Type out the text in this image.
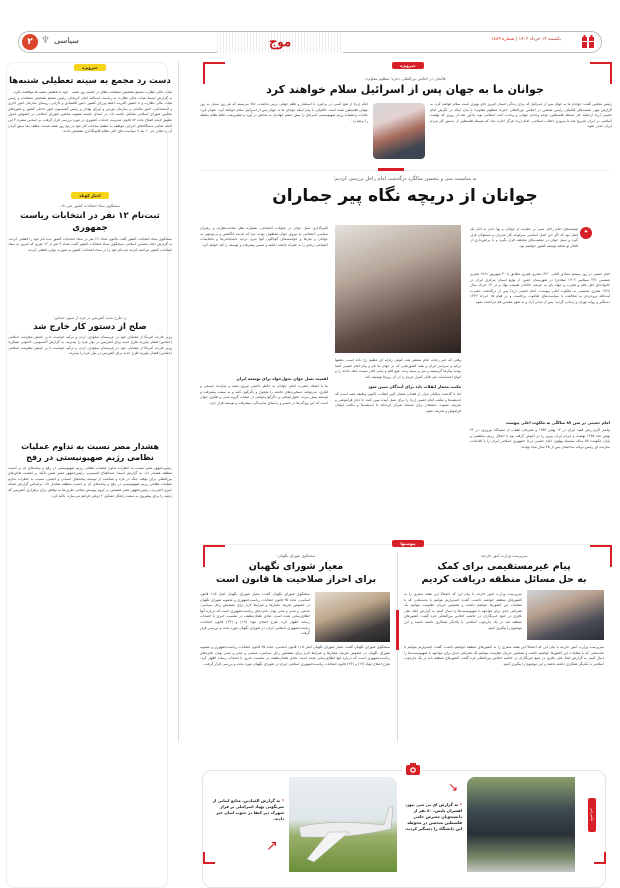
یکشنبه ۱۳ خرداد ۱۴۰۳ | شماره ۱۸۸۹
موج
۲ ♆ سیاسی
خبرویژه
دست رد مجمع به سینه تعطیلی شنبه‌ها

هیات عالی نظارت مجمع تشخیص مصلحت نظام در جلسه روز شنبه - خود با تعطیلی شنبه ها موافقت نکرد.

به گزارش ایسنا، هیات عالی نظارت به ریاست آیت‌الله آملی لاریجانی رئیس مجمع تشخیص مصلحت و رئیس هیات عالی نظارت و با حضور اکثریت اعضا وزرای کشور، امور اقتصادی و دارایی، روسای سازمان امور اداری و استخدامی، امور مالیاتی و سازمان بورس و اوراق بهادار و رئیس کمیسیون امور داخلی کشور و شوراهای مجلس شورای اسلامی تشکیل جلسه داد. در ابتدای جلسه مصوبه مجلس شورای اسلامی در خصوص جدول تطبیق لایحه اصلاح ماده ۸۷ قانون مدیریت خدمات کشوری در مورد بررسی قرار گرفت. بر اساس تبصره ۳ این لایحه تمامی دستگاه‌های اجرایی موظف به تنظیم ساعات کار خود در پنج روز هفته شدند. عطف بما سبق کردن آن را مغایر جز ۱۰ بند ۹ سیاست های کلی نظام قانونگذاری تشخیص دادند.

اخبار کوتاه
سخنگوی ستاد انتخابات کشور خبر داد:
ثبت‌نام ۱۲ نفر در انتخابات ریاست جمهوری

سخنگوی ستاد انتخابات کشور گفت تاکنون تعداد ۱۲ نفر در ستاد انتخابات کشور ثبت نام خود را قطعی کردند. به گزارش ایلنا، محسن اسلامی سخنگوی ستاد انتخابات کشور گفت تعداد ۴ نفر از ۱۲ نفری که امروز به ستاد انتخابات کشور مراجعه کردند ثبت‌نام خود را در ستاد انتخابات کشور به صورت نهایی قطعی کردند.

رد طرح جدید آتش‌بس در غزه از سوی حماس:
صلح از دستور کار خارج شد

وزیر خارجه آمریکا از همتایان خود در عربستان سعودی، اردن و ترکیه خواست تا بر جنبش مقاومت اسلامی (حماس) فشار بیاورند طرح جدید برای آتش‌بس در نوار غزه را بپذیرند. به گزارش آکسیوس، «آنتونی بلینکن» وزیر خارجه آمریکا از همتایان خود در عربستان سعودی، اردن و ترکیه خواست تا بر جنبش مقاومت اسلامی (حماس) فشار بیاورند طرح جدید برای آتش‌بس در نوار غزه را بپذیرند.

هشدار مصر نسبت به تداوم عملیات نظامی رژیم صهیونیستی در رفح

رئیس‌جمهور مصر نسبت به خطرات تداوم عملیات نظامی رژیم صهیونیستی در رفح و پیامدهای آن بر امنیت منطقه هشدار داد. به گزارش ایسنا، عبدالفتاح السیسی، رئیس‌جمهور مصر ضمن تاکید بر اهمیت تلاش‌های بین‌المللی برای توقف جنگ در غزه و ممانعت از توسعه پیامدهای انسانی و امنیتی، نسبت به خطرات تداوم عملیات نظامی رژیم صهیونیستی در رفح و پیامدهای آن بر امنیت منطقه هشدار داد. براساس گزارش شبکه خبری الجزیره، رئیس‌جمهور مصر همچنین بر لزوم پیوستن تمامی طرف‌ها به توافق برای برقراری آتش‌بس که زمینه را برای پیشروی به سمت راهکار تشکیل ۲ دولتی فراهم می‌سازد، تاکید کرد.

خبرویژه
قالیباف در اجلاس بین‌المللی «غزه؛ مظلوم مقاوم»:
جوانان ما به جهان پس از اسرائیل سلام خواهند کرد

رئیس مجلس گفت: جوانان ما به جهان پس از اسرائیل که برای زندگی انسان امروز جای بهتری است سلام خواهند کرد. به گزارش مهر، محمدباقر قالیباف رئیس مجلس در اجلاس بین‌المللی «غزه؛ مظلوم مقاوم» با بیان اینکه در نگرش امام خمینی (ره) ازجمله حل مسئله فلسطین، توجه وجدان جهانی و وحدت امت اسلامی بود، یادآور شد از روزی که نهضت اسلامی در ایران شروع شد تا پیروزی انقلاب اسلامی، امام (ره) هرگز اجازه نداد که مسئله فلسطین از دستور کار مردم ایران حذف شود.

امام (ره) از هیچ کسی در برخورد با استکبار و ظلم جهانی ترس نداشت. حالا می‌بینیم که هر روز تبدیل به روز جهانی فلسطین شده است. قالیباف با بیان اینکه جوانان ما به جهان پس از اسرائیل سلام خواهند کرد، عنوان کرد: جنایات وحشیانه رژیم صهیونیستی اسرائیل را پیش چشم جهانیان به نمایش در آورد و مشروعیت غلط نظام سلطه را برهم زد.

به مناسبت سی و پنجمین سالگرد درگذشت امام راحل بررسی کردیم؛
جوانان از دریچه نگاه پیر جماران
❝

توصیه‌های امام راحل مبنی بر حمایت از جوانان و بها دادن به آنان یک اصل بود که اگر این اصل اساسی سرلوحه کار مدیران و مسئولان قرار گیرد و نسل جوان در منصب‌های مختلف قرار بگیرد و با برخورداری از افکار نو شاهد توسعه کشور خواهیم بود.

امام خمینی در روز بیستم جمادی الثانی ۱۳۲۰ هجری قمری مطابق با ۳۰ شهریور ۱۲۸۱ هجری شمسی (۲۴ سپتامبر ۱۹۰۲ میلادی) در شهرستان خمین از توابع استان مرکزی ایران در خانواده‌ای اهل علم و هجرت و جهاد پای به عرصه خاکدان طبیعت نهاد و در ۱۴ خرداد سال ۱۳۶۸ هجری شمسی به ملکوت اعلی پیوست. امام خمینی (ره) پس از درگذشت حضرت آیت‌الله بروجردی به مخالفت با سیاست‌های طاغوت برخاست و در قیام ۱۵ خرداد ۱۳۴۲ دستگیر و روانه تهران و زندانی گردید. پس از مدتی آزاد و به شهر مقدس قم مراجعت نمود.

امام خمینی در سن ۸۷ سالگی به ملکوت اعلی پیوست

پیامبر اکرم رهبر فقید ایران در ۱۲ بهمن ۱۳۵۷ و همزمان انقلاب از تبعیدگاه پیروزی، در ۲۲ بهمن ماه ۱۳۵۷ نهضت و مردم ایران پیروز را در آغوش گرفته بود با انحلال رژیم سلطنتی و پایان حکومت ۵۷ ساله سلسله پهلوی، امام خمینی (ره) جمهوری اسلامی ایران را با اقدامات سازنده ای رئیس دولت ساختمان پس از ۳۵ سال بنیاد نهادند.

وقتی که خبر رحلت امام منتشر شد، کوهی زلزله ای عظیم رخ داده است. بغضها ترکید و سراسر ایران و همه کشورهایی که در جهان ما نام و پیام امام خمینی آشنا بودند پیکرها گریستند و سر و سینه زدند. هیچ قلم و بیانی قادر نیست ابعاد حادثه را و انواع احساسات غیر قابل کنترل مردم را در آن روزها توصیف کند.

مکتب معمار انقلاب باید برای آیندگان تبیین شود

اما با گذشت سالیان مرار از فقدان معمار کبیر انقلاب، اکنون وظیفه همه است که اندیشه‌ها و مکتب امام خمینی (ره) را برای نسل آینده تبیین کنند. تا دچار فراموشی و تحریف نشوند. دشمنان برای مسئله تمرکز کرده‌اند تا اندیشه‌ها و مکتب ایشان فراموش و تحریف شود.

تأثیرگذاری نسل جوان در تحولات اجتماعی، همواره نظر صاحب‌نظران و رهبران سیاسی اجتماعی به نیروی جوان معطوف بوده، چرا که نادیده انگاشتن و بی‌توجهی به جوانان و نیازها و خواسته‌های گوناگون آنها بدون تردید نابسامانی‌ها و ناملایمات اجتماعی زیادی را به همراه جامعه داشته و مسیر پیشرفت و توسعه را کند خواهد کرد.

اهمیت نسل جوان تحول‌خواه برای توسعه ایران

بنا با اعتقاد حضرت امام، جوانان به خاطر داشتن نیروی مفید و سازنده جسمی و فکری، می‌توانند دستاوردهای جامعه را متحول و دگرگون کنند و به سمت پیشرفت و توسعه پیش ببرند. تحول‌خواهی و دگرگون‌خواهی از صفات گروه سنی و فکری جوان است که این ویژگی‌ها در مسیر و راستای سازندگی، پیشرفت و توسعه قرار دارد.

پیوستها
سرپرست وزارت امور خارجه:
پیام غیرمستقیمی برای کمک
به حل مسائل منطقه دریافت کردیم

سرپرست وزارت امور خارجه با بیان این که احتمالاً این هفته سفری را به کشورهای منطقه خواهیم داشت، گفت: امیدواریم بتوانیم با بحث‌هایی که با مقامات این کشورها خواهیم داشت و همچنین جریان مقاومت بتوانیم یک همراهی جدی برای مواجهه با صهیونیست‌ها را دنبال کنیم. به گزارش ایلنا، علی باقری در جمع خبرنگاران در حاشیه اجلاس بین‌المللی غزه گفت: کشورهای منطقه باید در یک چارچوب اسلامی با یکدیگر همکاری داشته باشند و این موضوع را پیگیری کنیم.

سرپرست وزارت امور خارجه با بیان این که احتمالاً این هفته سفری را به کشورهای منطقه خواهیم داشت، گفت: امیدواریم بتوانیم با بحث‌هایی که با مقامات این کشورها خواهیم داشت و همچنین جریان مقاومت بتوانیم یک همراهی جدی برای مواجهه با صهیونیست‌ها را دنبال کنیم. به گزارش ایلنا، علی باقری در جمع خبرنگاران در حاشیه اجلاس بین‌المللی غزه گفت: کشورهای منطقه باید در یک چارچوب اسلامی با یکدیگر همکاری داشته باشند و این موضوع را پیگیری کنیم.

سخنگوی شورای نگهبان:
معیار شورای نگهبان
برای احراز صلاحیت ها قانون است

سخنگوی شورای نگهبان گفت: معیار شورای نگهبان اصل ۱۱۵ قانون اساسی، ماده ۳۵ قانون انتخابات ریاست‌جمهوری و مصوبه شورای نگهبان در خصوص تعریف معیارها و شرایط لازم برای تشخیص رجل سیاسی، مذهبی و مدیر و مدبر بودن نامزدهای ریاست‌جمهوری است که درباره آنها اطلاع‌رسانی شده است. هادی طحان‌نظیف در نشست خبری با اصحاب رسانه اظهار کرد: طرح اصلاح مواد (۱۹) و (۲۳) قانون انتخابات ریاست‌جمهوری اسلامی ایران در شورای نگهبان مورد بحث و بررسی قرار گرفت.

سخنگوی شورای نگهبان گفت: معیار شورای نگهبان اصل ۱۱۵ قانون اساسی، ماده ۳۵ قانون انتخابات ریاست‌جمهوری و مصوبه شورای نگهبان در خصوص تعریف معیارها و شرایط لازم برای تشخیص رجل سیاسی، مذهبی و مدیر و مدبر بودن نامزدهای ریاست‌جمهوری است که درباره آنها اطلاع‌رسانی شده است. هادی طحان‌نظیف در نشست خبری با اصحاب رسانه اظهار کرد: طرح اصلاح مواد (۱۹) و (۲۳) قانون انتخابات ریاست‌جمهوری اسلامی ایران در شورای نگهبان مورد بحث و بررسی قرار گرفت.

↘
عکس‌خبر
❝ به گزارش ای بی سی نیوز، افسران پلیس، ۸۰ نفر از دانشجویان معترض حامی فلسطین متحصن در محوطه این دانشگاه را دستگیر کردند.
❝ به گزارش المیادین، منابع لبنانی از سرنگونی پهپاد اسرائیلی بر فراز شهرک دیر کیفا در جنوب لبنان خبر دادند.
↗
